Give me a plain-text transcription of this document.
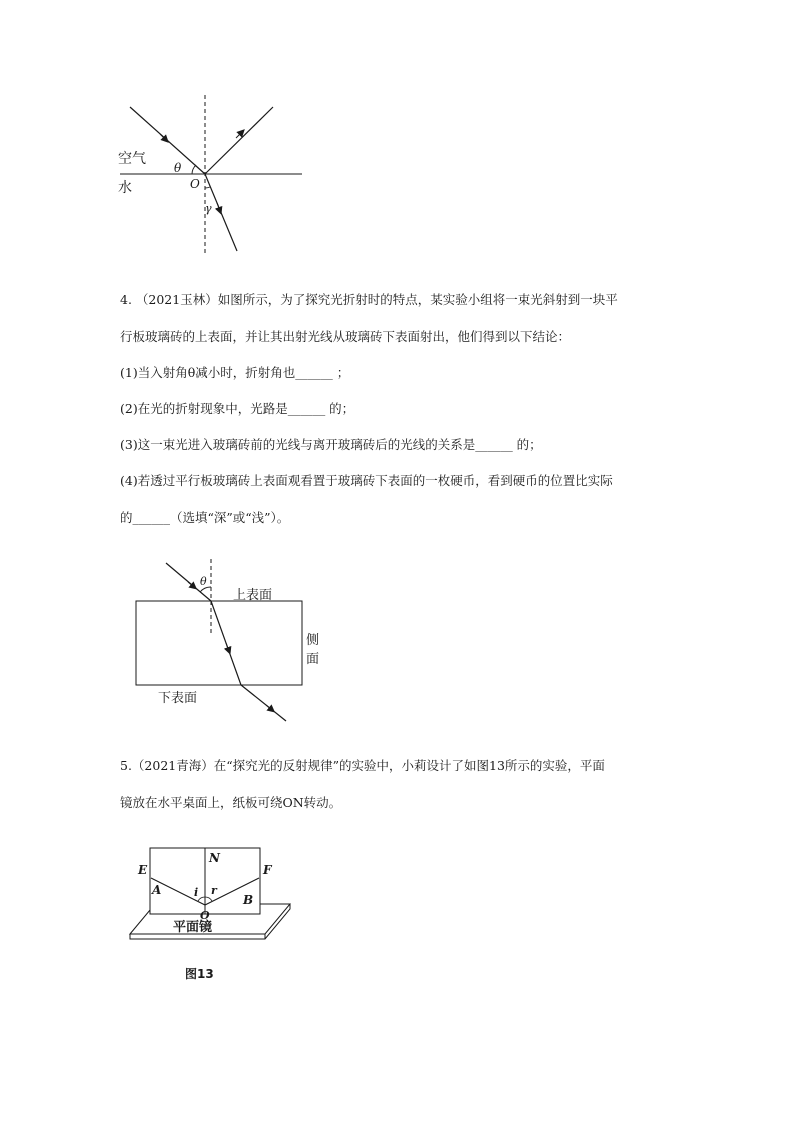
空气
水
θ
O
γ
4. （2021玉林）如图所示，为了探究光折射时的特点，某实验小组将一束光斜射到一块平
行板玻璃砖的上表面，并让其出射光线从玻璃砖下表面射出，他们得到以下结论：
(1)当入射角θ减小时，折射角也______ ；
(2)在光的折射现象中，光路是______ 的；
(3)这一束光进入玻璃砖前的光线与离开玻璃砖后的光线的关系是______ 的；
(4)若透过平行板玻璃砖上表面观看置于玻璃砖下表面的一枚硬币，看到硬币的位置比实际
的______（选填“深”或“浅”）。
θ
上表面
侧
面
下表面
5.（2021青海）在“探究光的反射规律”的实验中，小莉设计了如图13所示的实验，平面
镜放在水平桌面上，纸板可绕ON转动。
N
E	F
A
B
i r
O
平面镜
图13
